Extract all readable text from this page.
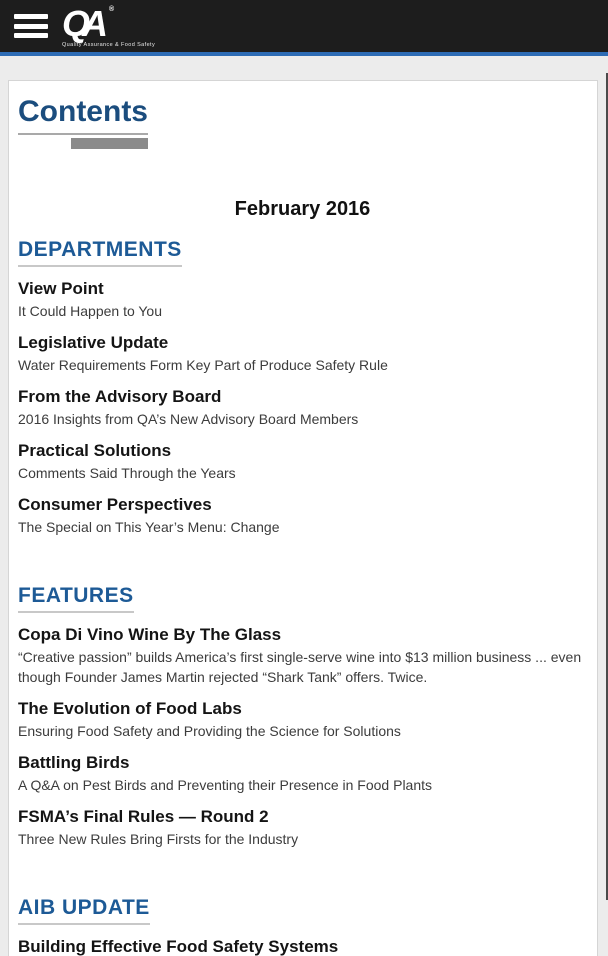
QA ®
Quality Assurance & Food Safety
Contents
February 2016
DEPARTMENTS
View Point
It Could Happen to You
Legislative Update
Water Requirements Form Key Part of Produce Safety Rule
From the Advisory Board
2016 Insights from QA’s New Advisory Board Members
Practical Solutions
Comments Said Through the Years
Consumer Perspectives
The Special on This Year’s Menu: Change
FEATURES
Copa Di Vino Wine By The Glass
“Creative passion” builds America’s first single-serve wine into $13 million business ... even though Founder James Martin rejected “Shark Tank” offers. Twice.
The Evolution of Food Labs
Ensuring Food Safety and Providing the Science for Solutions
Battling Birds
A Q&A on Pest Birds and Preventing their Presence in Food Plants
FSMA’s Final Rules — Round 2
Three New Rules Bring Firsts for the Industry
AIB UPDATE
Building Effective Food Safety Systems
